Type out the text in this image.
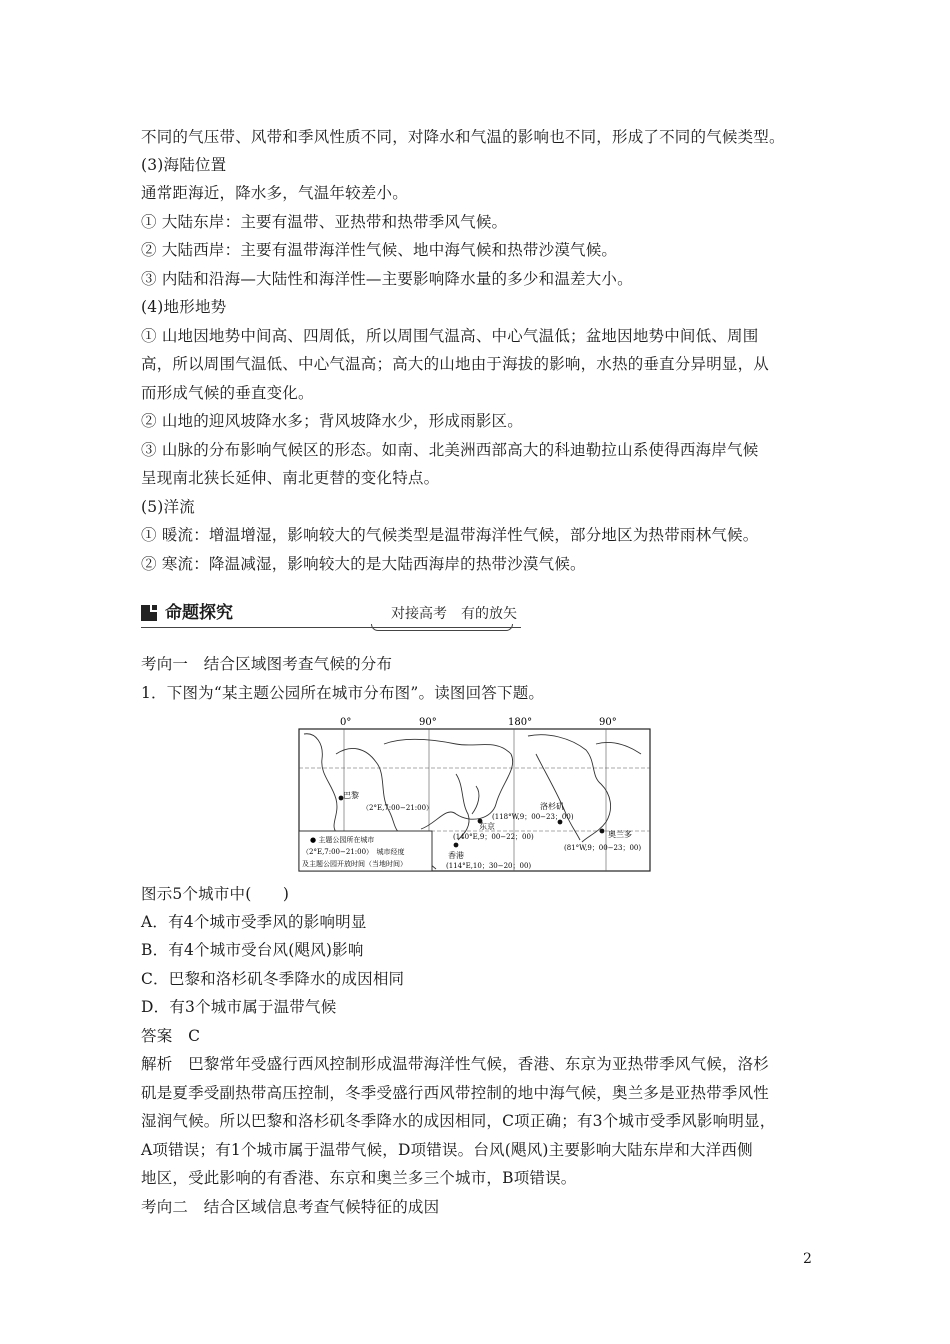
不同的气压带、风带和季风性质不同，对降水和气温的影响也不同，形成了不同的气候类型。
(3)海陆位置
通常距海近，降水多，气温年较差小。
① 大陆东岸：主要有温带、亚热带和热带季风气候。
② 大陆西岸：主要有温带海洋性气候、地中海气候和热带沙漠气候。
③ 内陆和沿海—大陆性和海洋性—主要影响降水量的多少和温差大小。
(4)地形地势
① 山地因地势中间高、四周低，所以周围气温高、中心气温低；盆地因地势中间低、周围
高，所以周围气温低、中心气温高；高大的山地由于海拔的影响，水热的垂直分异明显，从
而形成气候的垂直变化。
② 山地的迎风坡降水多；背风坡降水少，形成雨影区。
③ 山脉的分布影响气候区的形态。如南、北美洲西部高大的科迪勒拉山系使得西海岸气候
呈现南北狭长延伸、南北更替的变化特点。
(5)洋流
① 暖流：增温增湿，影响较大的气候类型是温带海洋性气候，部分地区为热带雨林气候。
② 寒流：降温减湿，影响较大的是大陆西海岸的热带沙漠气候。
命题探究	对接高考　有的放矢
考向一　结合区域图考查气候的分布
1．下图为“某主题公园所在城市分布图”。读图回答下题。
0°	90°	180°	90°
● 主题公园所在城市
（2°E,7:00−21:00）　城市经度
及主题公园开放时间（当地时间）
巴黎
（2°E,7:00−21:00）
东京
(140°E,9；00−22；00)
香港
(114°E,10；30−20；00)
洛杉矶
(118°W,9；00−23；00)
奥兰多
(81°W,9；00−23；00)
图示5个城市中(　　)
A．有4个城市受季风的影响明显
B．有4个城市受台风(飓风)影响
C．巴黎和洛杉矶冬季降水的成因相同
D．有3个城市属于温带气候
答案　C
解析　巴黎常年受盛行西风控制形成温带海洋性气候，香港、东京为亚热带季风气候，洛杉
矶是夏季受副热带高压控制，冬季受盛行西风带控制的地中海气候，奥兰多是亚热带季风性
湿润气候。所以巴黎和洛杉矶冬季降水的成因相同，C项正确；有3个城市受季风影响明显，
A项错误；有1个城市属于温带气候，D项错误。台风(飓风)主要影响大陆东岸和大洋西侧
地区，受此影响的有香港、东京和奥兰多三个城市，B项错误。
考向二　结合区域信息考查气候特征的成因
2
